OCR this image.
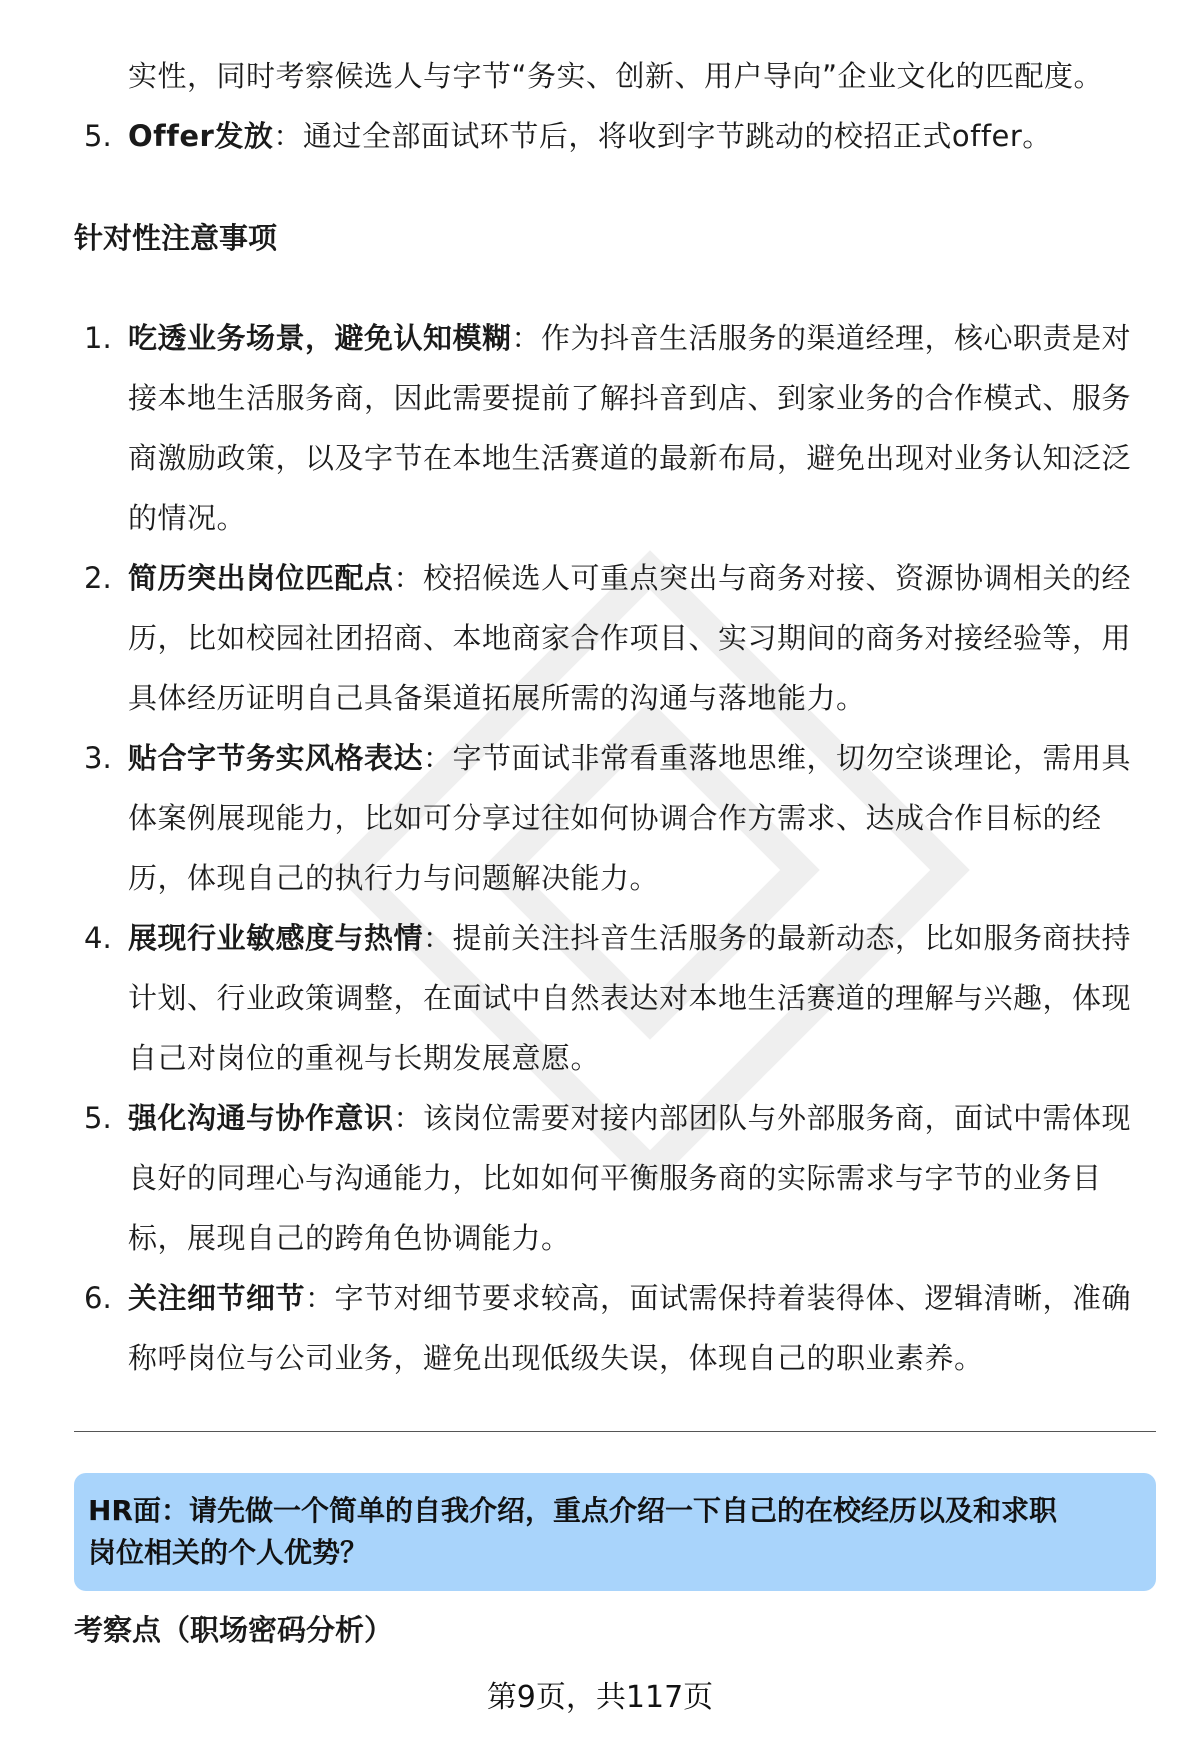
实性，同时考察候选人与字节“务实、创新、用户导向”企业文化的匹配度。
5. Offer发放：通过全部面试环节后，将收到字节跳动的校招正式offer。
针对性注意事项
1. 吃透业务场景，避免认知模糊：作为抖音生活服务的渠道经理，核心职责是对
接本地生活服务商，因此需要提前了解抖音到店、到家业务的合作模式、服务
商激励政策，以及字节在本地生活赛道的最新布局，避免出现对业务认知泛泛
的情况。
2. 简历突出岗位匹配点：校招候选人可重点突出与商务对接、资源协调相关的经
历，比如校园社团招商、本地商家合作项目、实习期间的商务对接经验等，用
具体经历证明自己具备渠道拓展所需的沟通与落地能力。
3. 贴合字节务实风格表达：字节面试非常看重落地思维，切勿空谈理论，需用具
体案例展现能力，比如可分享过往如何协调合作方需求、达成合作目标的经
历，体现自己的执行力与问题解决能力。
4. 展现行业敏感度与热情：提前关注抖音生活服务的最新动态，比如服务商扶持
计划、行业政策调整，在面试中自然表达对本地生活赛道的理解与兴趣，体现
自己对岗位的重视与长期发展意愿。
5. 强化沟通与协作意识：该岗位需要对接内部团队与外部服务商，面试中需体现
良好的同理心与沟通能力，比如如何平衡服务商的实际需求与字节的业务目
标，展现自己的跨角色协调能力。
6. 关注细节细节：字节对细节要求较高，面试需保持着装得体、逻辑清晰，准确
称呼岗位与公司业务，避免出现低级失误，体现自己的职业素养。
HR面：请先做一个简单的自我介绍，重点介绍一下自己的在校经历以及和求职
岗位相关的个人优势？
考察点（职场密码分析）
第9页，共117页
